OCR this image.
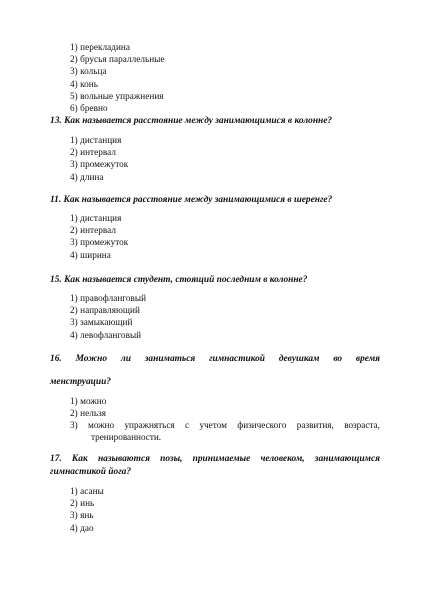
1) перекладина
2) брусья параллельные
3) кольца
4) конь
5) вольные упражнения
6) бревно
13. Как называется расстояние между занимающимися в колонне?
1) дистанция
2) интервал
3) промежуток
4) длина
11. Как называется расстояние между занимающимися в шеренге?
1) дистанция
2) интервал
3) промежуток
4) ширина
15. Как называется студент, стоящий последним в колонне?
1) правофланговый
2) направляющий
3) замыкающий
4) левофланговый
16. Можно ли заниматься гимнастикой девушкам во время
менструации?
1) можно
2) нельзя
3) можно упражняться с учетом физического развития, возраста,
тренированности.
17. Как называются позы, принимаемые человеком, занимающимся
гимнастикой йога?
1) асаны
2) инь
3) янь
4) дао
